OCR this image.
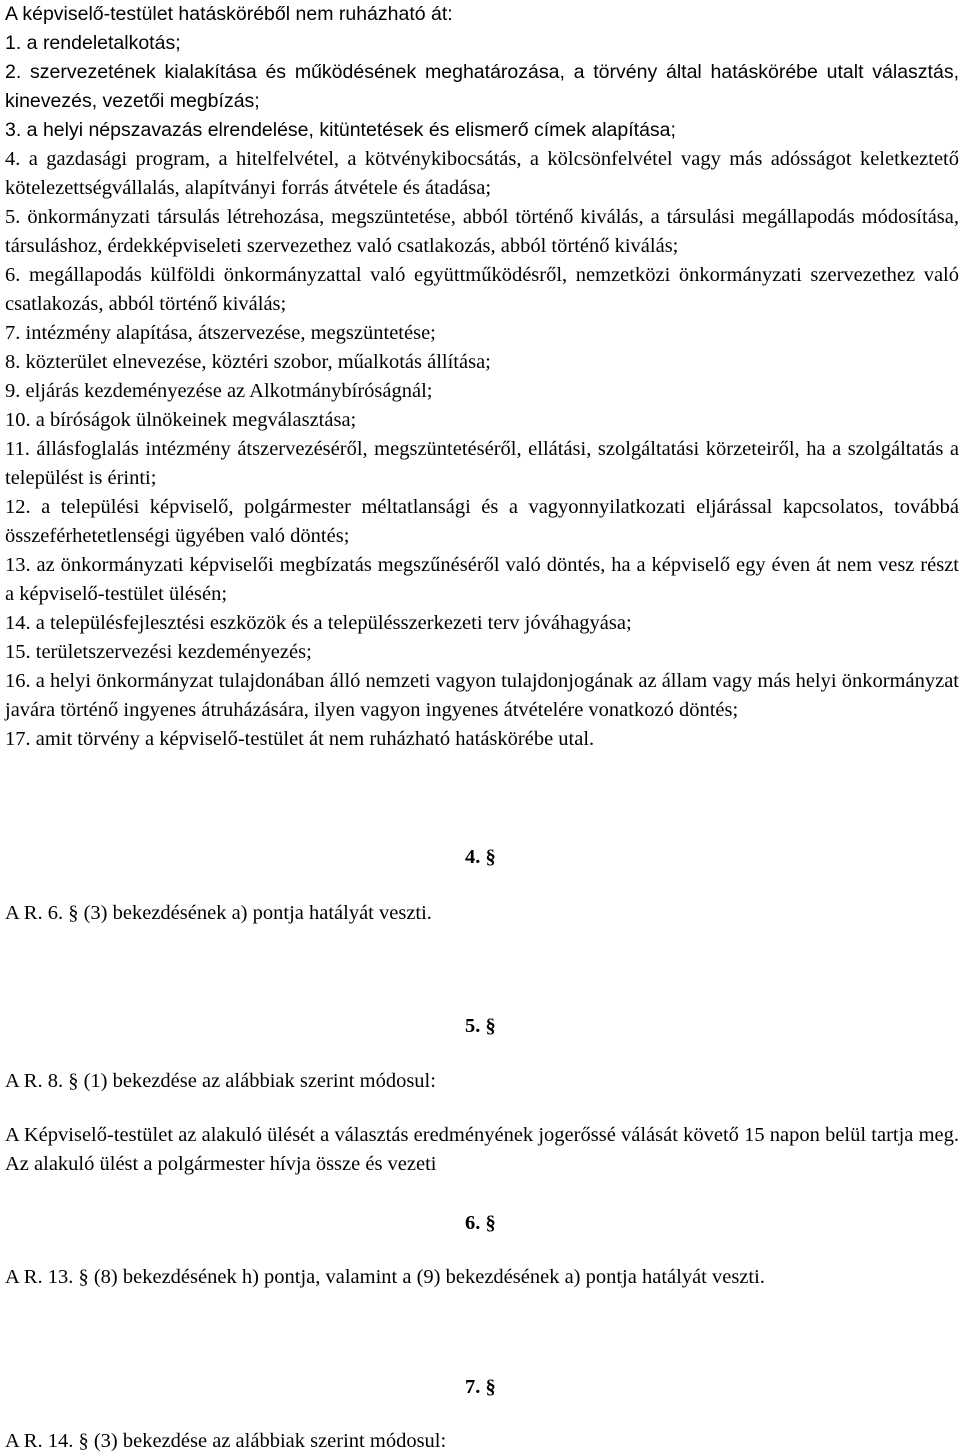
A képviselő-testület hatásköréből nem ruházható át:

1. a rendeletalkotás;

2. szervezetének kialakítása és működésének meghatározása, a törvény által hatáskörébe utalt választás, kinevezés, vezetői megbízás;

3. a helyi népszavazás elrendelése, kitüntetések és elismerő címek alapítása;

4. a gazdasági program, a hitelfelvétel, a kötvénykibocsátás, a kölcsönfelvétel vagy más adósságot keletkeztető kötelezettségvállalás, alapítványi forrás átvétele és átadása;

5. önkormányzati társulás létrehozása, megszüntetése, abból történő kiválás, a társulási megállapodás módosítása, társuláshoz, érdekképviseleti szervezethez való csatlakozás, abból történő kiválás;

6. megállapodás külföldi önkormányzattal való együttműködésről, nemzetközi önkormányzati szervezethez való csatlakozás, abból történő kiválás;

7. intézmény alapítása, átszervezése, megszüntetése;

8. közterület elnevezése, köztéri szobor, műalkotás állítása;

9. eljárás kezdeményezése az Alkotmánybíróságnál;

10. a bíróságok ülnökeinek megválasztása;

11. állásfoglalás intézmény átszervezéséről, megszüntetéséről, ellátási, szolgáltatási körzeteiről, ha a szolgáltatás a települést is érinti;

12. a települési képviselő, polgármester méltatlansági és a vagyonnyilatkozati eljárással kapcsolatos, továbbá összeférhetetlenségi ügyében való döntés;

13. az önkormányzati képviselői megbízatás megszűnéséről való döntés, ha a képviselő egy éven át nem vesz részt a képviselő-testület ülésén;

14. a településfejlesztési eszközök és a településszerkezeti terv jóváhagyása;

15. területszervezési kezdeményezés;

16. a helyi önkormányzat tulajdonában álló nemzeti vagyon tulajdonjogának az állam vagy más helyi önkormányzat javára történő ingyenes átruházására, ilyen vagyon ingyenes átvételére vonatkozó döntés;

17. amit törvény a képviselő-testület át nem ruházható hatáskörébe utal.

4. §
A R. 6. § (3) bekezdésének a) pontja hatályát veszti.
5. §
A R. 8. § (1) bekezdése az alábbiak szerint módosul:
A Képviselő-testület az alakuló ülését a választás eredményének jogerőssé válását követő 15 napon belül tartja meg. Az alakuló ülést a polgármester hívja össze és vezeti
6. §
A R. 13. § (8) bekezdésének h) pontja, valamint a (9) bekezdésének a) pontja hatályát veszti.
7. §
A R. 14. § (3) bekezdése az alábbiak szerint módosul:
